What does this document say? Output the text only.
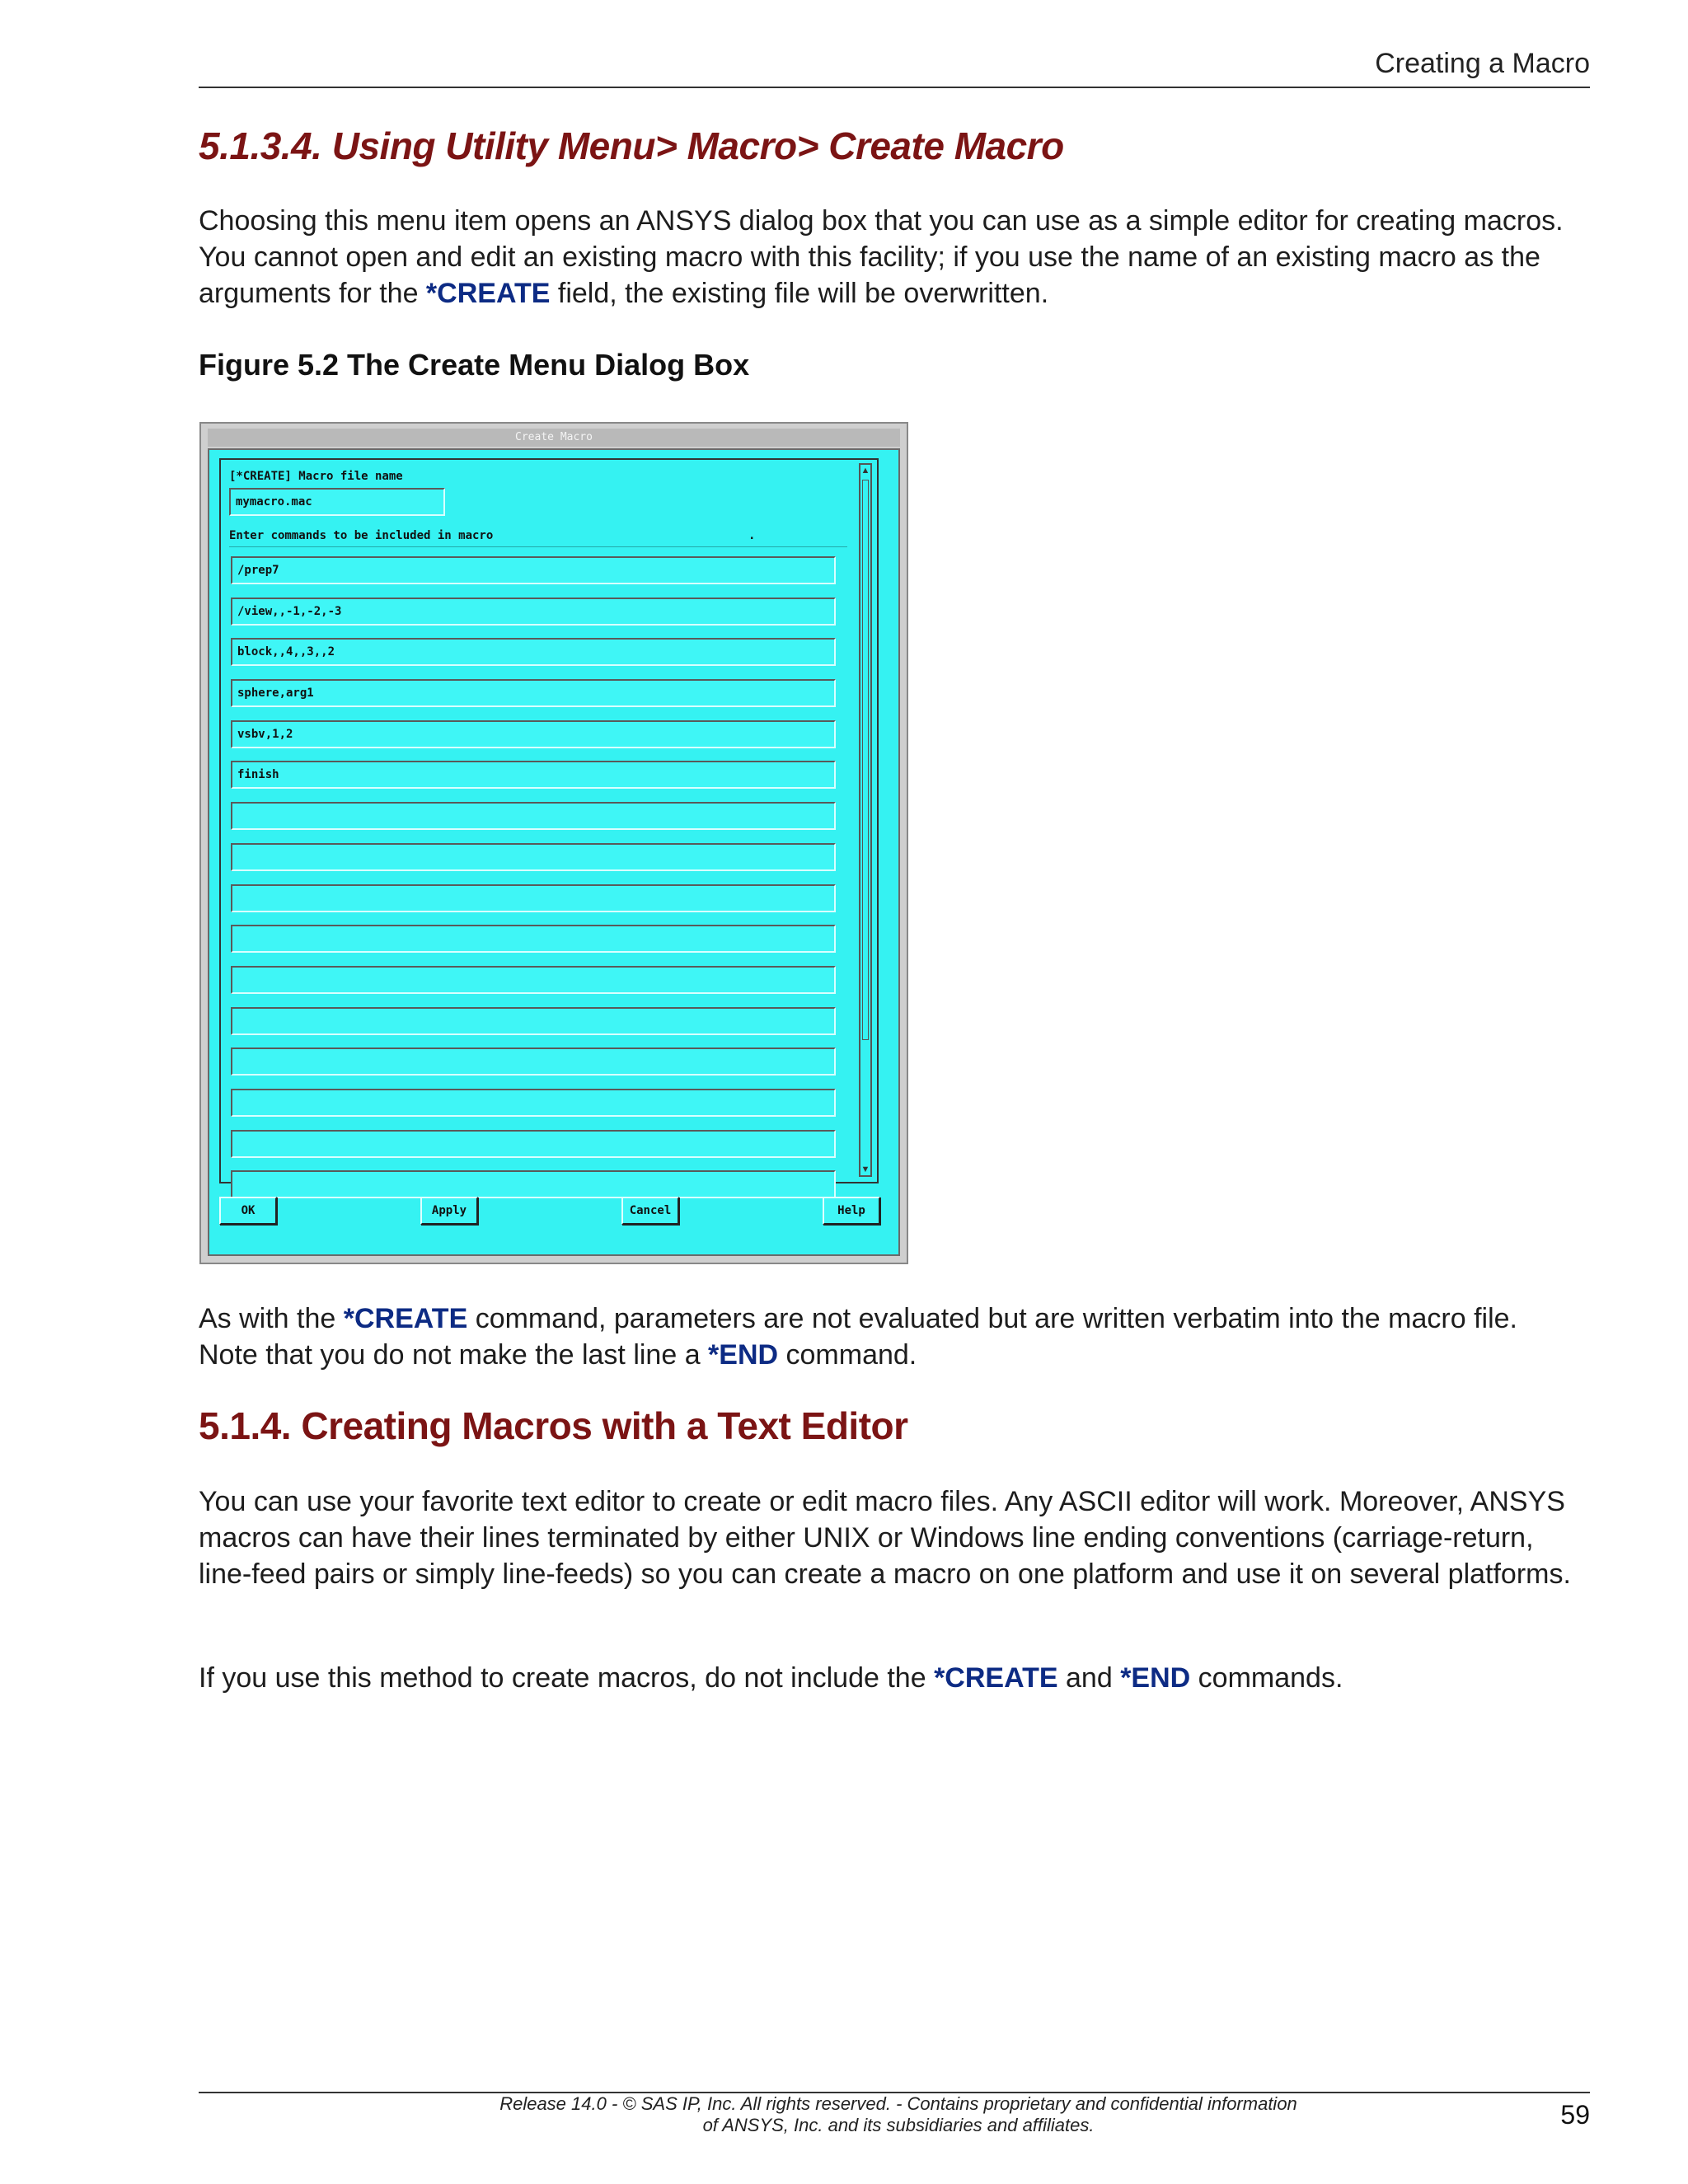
Creating a Macro
5.1.3.4. Using Utility Menu> Macro> Create Macro

Choosing this menu item opens an ANSYS dialog box that you can use as a simple editor for creating macros. You cannot open and edit an existing macro with this facility; if you use the name of an existing macro as the arguments for the *CREATE field, the existing file will be overwritten.

Figure 5.2 The Create Menu Dialog Box
Create Macro
[*CREATE] Macro file name
mymacro.mac
Enter commands to be included in macro	.
/prep7
/view,,-1,-2,-3
block,,4,,3,,2
sphere,arg1
vsbv,1,2
finish
▲
▼
OK	Apply	Cancel	Help

As with the *CREATE command, parameters are not evaluated but are written verbatim into the macro file. Note that you do not make the last line a *END command.

5.1.4. Creating Macros with a Text Editor

You can use your favorite text editor to create or edit macro files. Any ASCII editor will work. Moreover, ANSYS macros can have their lines terminated by either UNIX or Windows line ending conventions (carriage-return, line-feed pairs or simply line-feeds) so you can create a macro on one platform and use it on several platforms.

If you use this method to create macros, do not include the *CREATE and *END commands.

Release 14.0 - © SAS IP, Inc. All rights reserved. - Contains proprietary and confidential information
of ANSYS, Inc. and its subsidiaries and affiliates.	59
